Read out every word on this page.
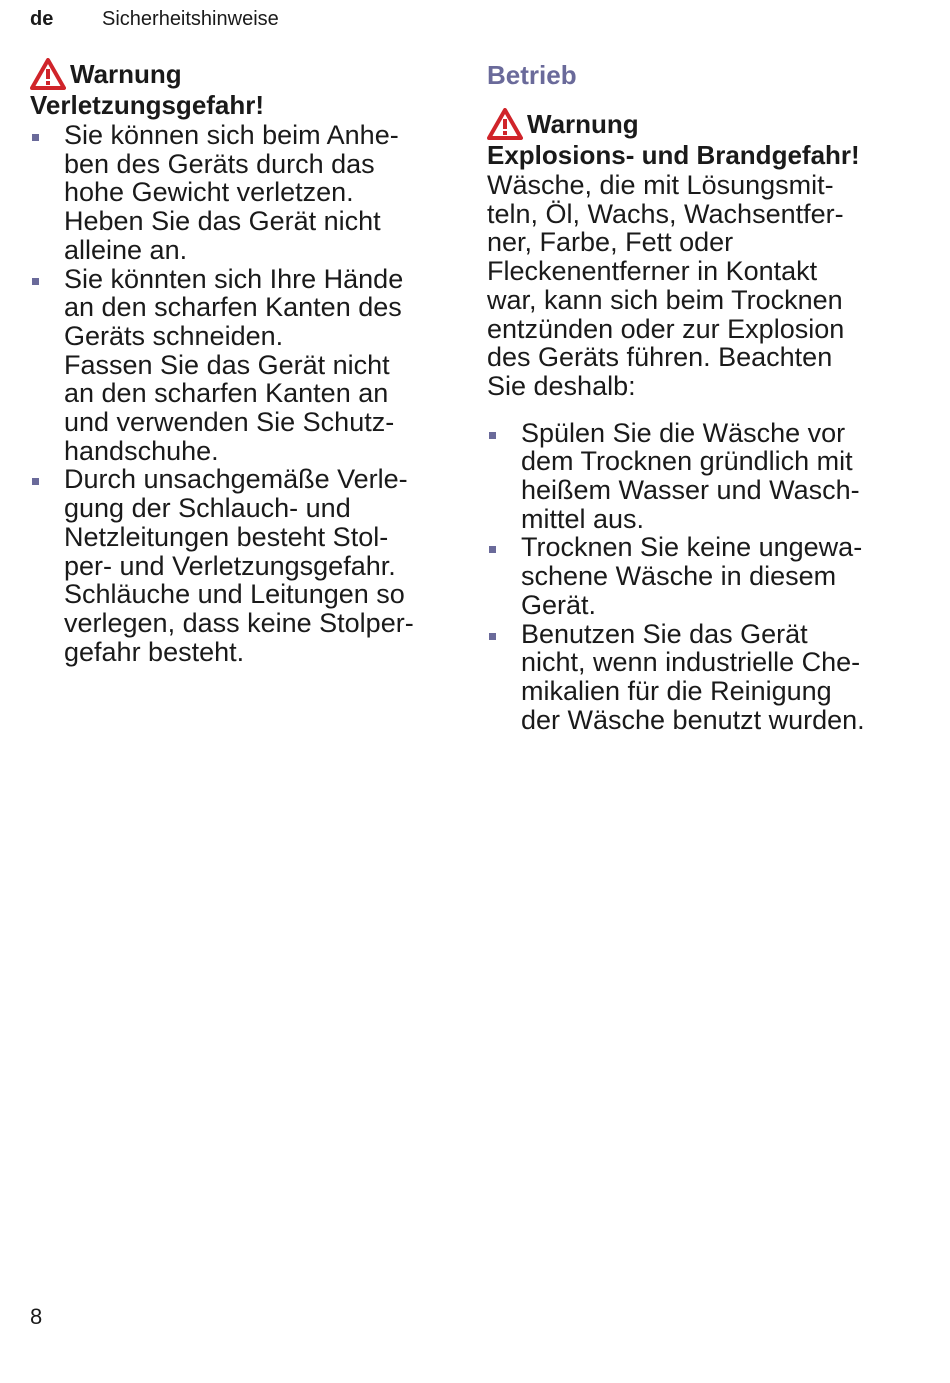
de Sicherheitshinweise
Warnung
Verletzungsgefahr!
Sie können sich beim Anhe-
ben des Geräts durch das
hohe Gewicht verletzen.
Heben Sie das Gerät nicht
alleine an.
Sie könnten sich Ihre Hände
an den scharfen Kanten des
Geräts schneiden.
Fassen Sie das Gerät nicht
an den scharfen Kanten an
und verwenden Sie Schutz-
handschuhe.
Durch unsachgemäße Verle-
gung der Schlauch- und
Netzleitungen besteht Stol-
per- und Verletzungsgefahr.
Schläuche und Leitungen so
verlegen, dass keine Stolper-
gefahr besteht.
Betrieb
Warnung
Explosions- und Brandgefahr!
Wäsche, die mit Lösungsmit-
teln, Öl, Wachs, Wachsentfer-
ner, Farbe, Fett oder
Fleckenentferner in Kontakt
war, kann sich beim Trocknen
entzünden oder zur Explosion
des Geräts führen. Beachten
Sie deshalb:
Spülen Sie die Wäsche vor
dem Trocknen gründlich mit
heißem Wasser und Wasch-
mittel aus.
Trocknen Sie keine ungewa-
schene Wäsche in diesem
Gerät.
Benutzen Sie das Gerät
nicht, wenn industrielle Che-
mikalien für die Reinigung
der Wäsche benutzt wurden.
8
